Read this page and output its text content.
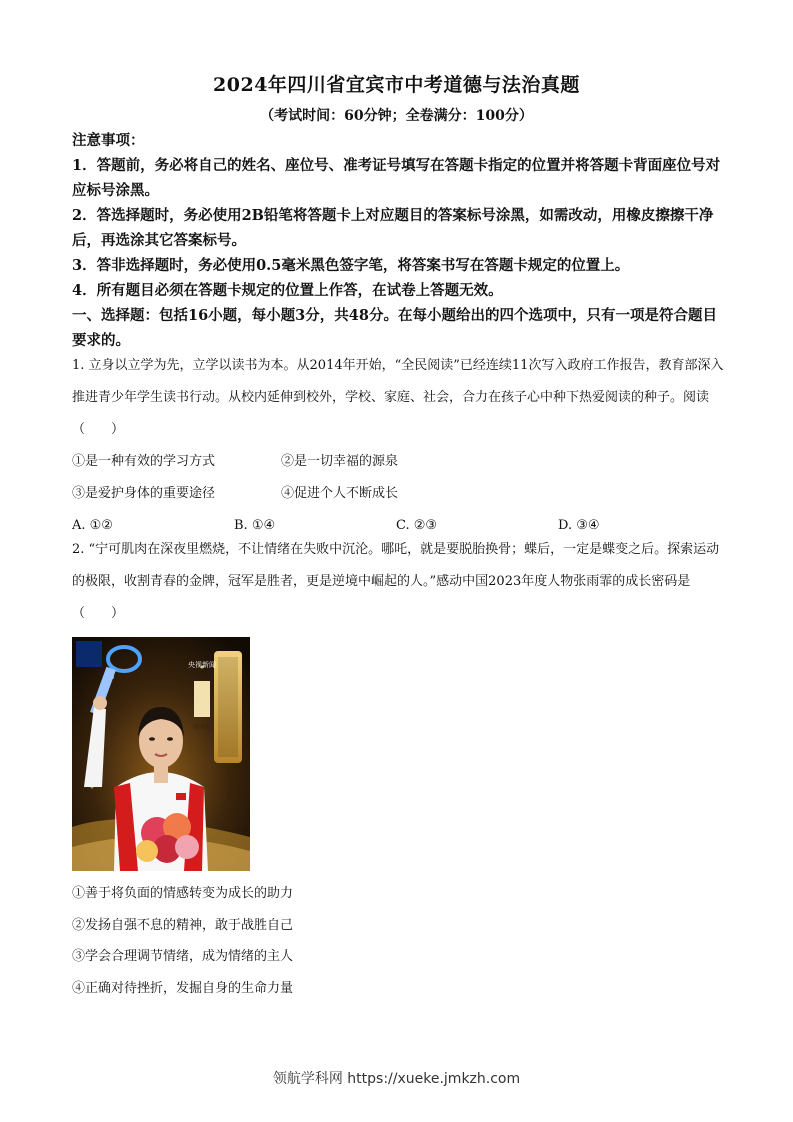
2024年四川省宜宾市中考道德与法治真题
（考试时间：60分钟；全卷满分：100分）

注意事项：

1．答题前，务必将自己的姓名、座位号、准考证号填写在答题卡指定的位置并将答题卡背面座位号对应标号涂黑。

2．答选择题时，务必使用2B铅笔将答题卡上对应题目的答案标号涂黑，如需改动，用橡皮擦擦干净后，再选涂其它答案标号。

3．答非选择题时，务必使用0.5毫米黑色签字笔，将答案书写在答题卡规定的位置上。

4．所有题目必须在答题卡规定的位置上作答，在试卷上答题无效。

一、选择题：包括16小题，每小题3分，共48分。在每小题给出的四个选项中，只有一项是符合题目要求的。

1. 立身以立学为先，立学以读书为本。从2014年开始，“全民阅读”已经连续11次写入政府工作报告，教育部深入推进青少年学生读书行动。从校内延伸到校外，学校、家庭、社会，合力在孩子心中种下热爱阅读的种子。阅读（　　）

①是一种有效的学习方式	②是一切幸福的源泉
③是爱护身体的重要途径	④促进个人不断成长
A. ①②	B. ①④	C. ②③	D. ③④

2. “宁可肌肉在深夜里燃烧，不让情绪在失败中沉沦。哪吒，就是要脱胎换骨；蝶后，一定是蝶变之后。探索运动的极限，收割青春的金牌，冠军是胜者，更是逆境中崛起的人。”感动中国2023年度人物张雨霏的成长密码是（　　）

央视新闻
感动中国2023年度人物
张雨霏

①善于将负面的情感转变为成长的助力

②发扬自强不息的精神，敢于战胜自己

③学会合理调节情绪，成为情绪的主人

④正确对待挫折，发掘自身的生命力量

领航学科网 https://xueke.jmkzh.com
